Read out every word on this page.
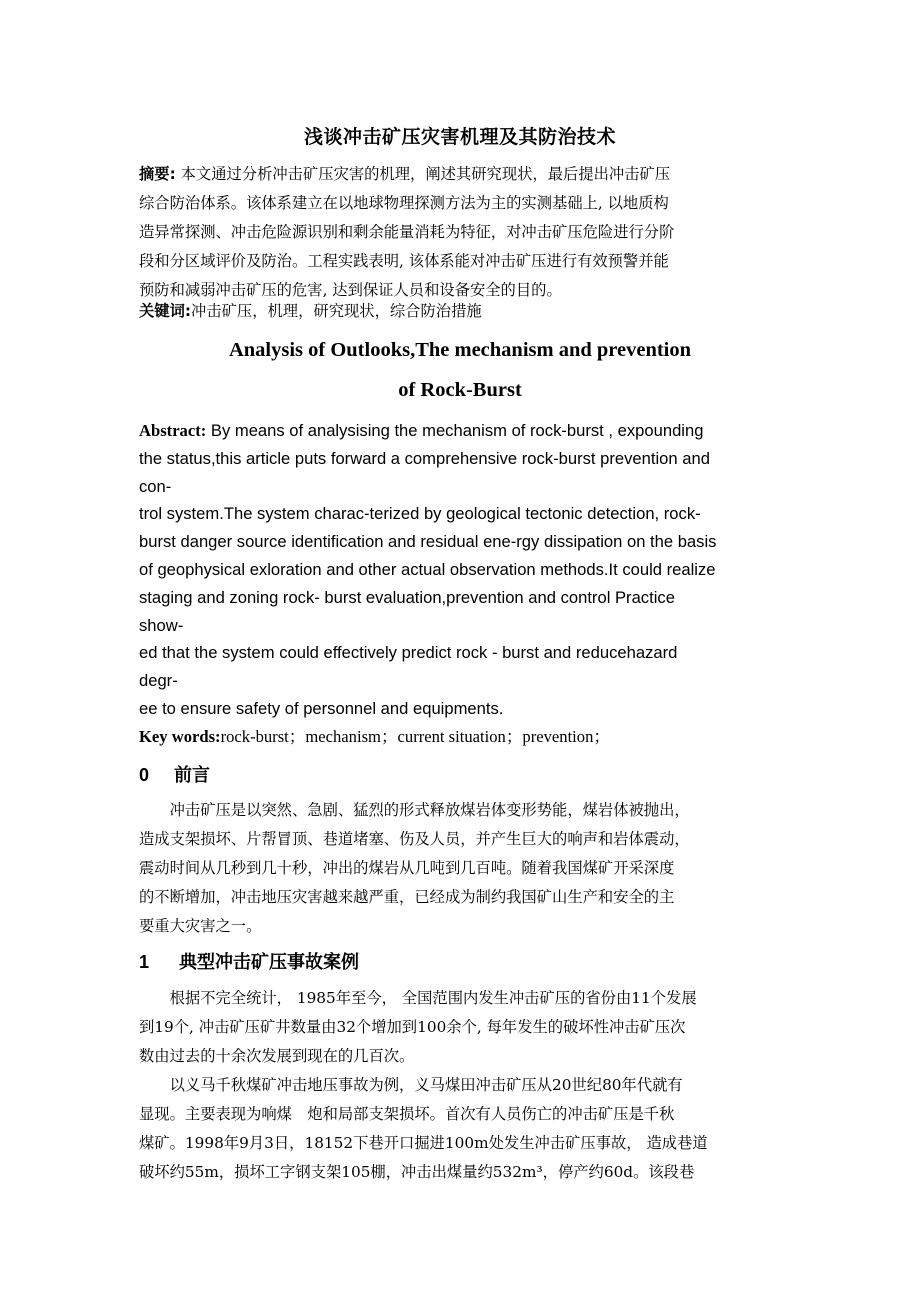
浅谈冲击矿压灾害机理及其防治技术
摘要: 本文通过分析冲击矿压灾害的机理，阐述其研究现状，最后提出冲击矿压
综合防治体系。该体系建立在以地球物理探测方法为主的实测基础上, 以地质构
造异常探测、冲击危险源识别和剩余能量消耗为特征，对冲击矿压危险进行分阶
段和分区域评价及防治。工程实践表明, 该体系能对冲击矿压进行有效预警并能
预防和减弱冲击矿压的危害, 达到保证人员和设备安全的目的。
关键词:冲击矿压，机理，研究现状，综合防治措施
Analysis of Outlooks,The mechanism and prevention
of Rock-Burst
Abstract: By means of analysising the mechanism of rock-burst , expounding
the status,this article puts forward a comprehensive rock-burst prevention and
con-
trol system.The system charac-terized by geological tectonic detection, rock-
burst danger source identification and residual ene-rgy dissipation on the basis
of geophysical exloration and other actual observation methods.It could realize
staging and zoning rock- burst evaluation,prevention and control Practice
show-
ed that the system could effectively predict rock - burst and reducehazard
degr-
ee to ensure safety of personnel and equipments.
Key words:rock-burst；mechanism；current situation；prevention；
0 前言
冲击矿压是以突然、急剧、猛烈的形式释放煤岩体变形势能，煤岩体被抛出，
造成支架损坏、片帮冒顶、巷道堵塞、伤及人员，并产生巨大的响声和岩体震动，
震动时间从几秒到几十秒，冲出的煤岩从几吨到几百吨。随着我国煤矿开采深度
的不断增加，冲击地压灾害越来越严重，已经成为制约我国矿山生产和安全的主
要重大灾害之一。
1 典型冲击矿压事故案例
根据不完全统计， 1985年至今， 全国范围内发生冲击矿压的省份由11个发展
到19个, 冲击矿压矿井数量由32个增加到100余个, 每年发生的破坏性冲击矿压次
数由过去的十余次发展到现在的几百次。
以义马千秋煤矿冲击地压事故为例，义马煤田冲击矿压从20世纪80年代就有
显现。主要表现为响煤　炮和局部支架损坏。首次有人员伤亡的冲击矿压是千秋
煤矿。1998年9月3日，18152下巷开口掘进100m处发生冲击矿压事故， 造成巷道
破坏约55m，损坏工字钢支架105棚，冲击出煤量约532m³，停产约60d。该段巷
